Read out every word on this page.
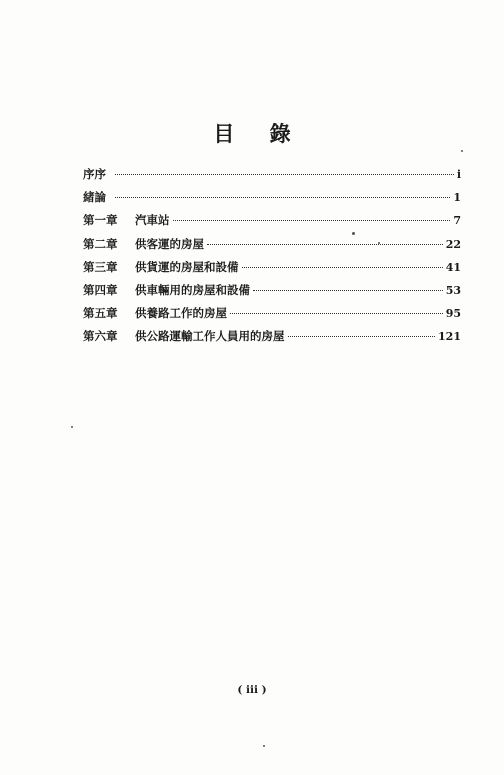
目 錄
序序	i
緒論	1
第一章	汽車站	7
第二章	供客運的房屋	22
第三章	供貨運的房屋和設備	41
第四章	供車輛用的房屋和設備	53
第五章	供養路工作的房屋	95
第六章	供公路運輸工作人員用的房屋	121
( iii )
